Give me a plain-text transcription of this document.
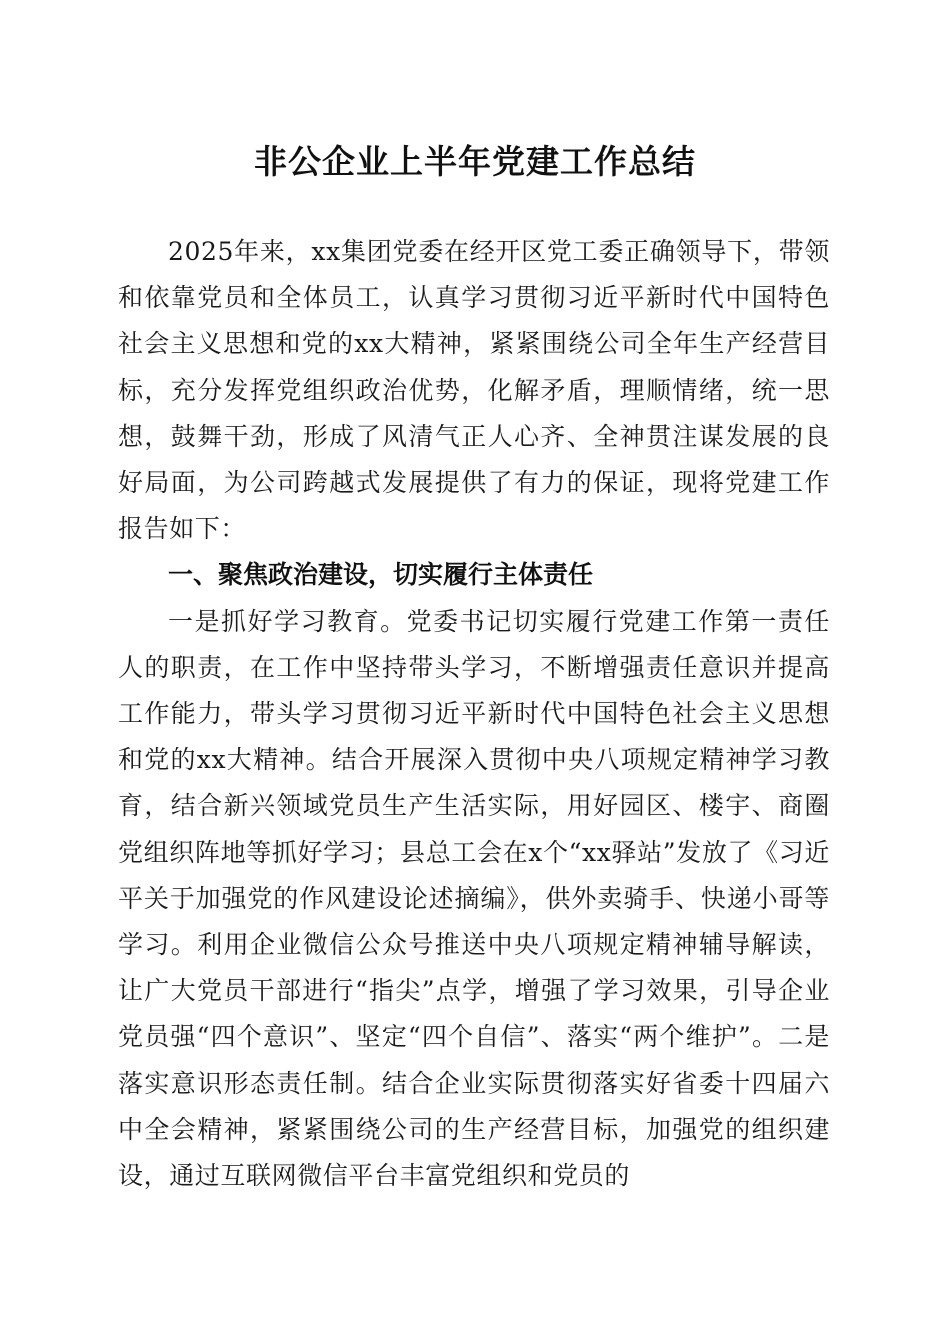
非公企业上半年党建工作总结

2025年来，xx集团党委在经开区党工委正确领导下，带领和依靠党员和全体员工，认真学习贯彻习近平新时代中国特色社会主义思想和党的xx大精神，紧紧围绕公司全年生产经营目标，充分发挥党组织政治优势，化解矛盾，理顺情绪，统一思想，鼓舞干劲，形成了风清气正人心齐、全神贯注谋发展的良好局面，为公司跨越式发展提供了有力的保证，现将党建工作报告如下：

一、聚焦政治建设，切实履行主体责任

一是抓好学习教育。党委书记切实履行党建工作第一责任人的职责，在工作中坚持带头学习，不断增强责任意识并提高工作能力，带头学习贯彻习近平新时代中国特色社会主义思想和党的xx大精神。结合开展深入贯彻中央八项规定精神学习教育，结合新兴领域党员生产生活实际，用好园区、楼宇、商圈党组织阵地等抓好学习；县总工会在x个“xx驿站”发放了《习近平关于加强党的作风建设论述摘编》，供外卖骑手、快递小哥等学习。利用企业微信公众号推送中央八项规定精神辅导解读，让广大党员干部进行“指尖”点学，增强了学习效果，引导企业党员强“四个意识”、坚定“四个自信”、落实“两个维护”。二是落实意识形态责任制。结合企业实际贯彻落实好省委十四届六中全会精神，紧紧围绕公司的生产经营目标，加强党的组织建设，通过互联网微信平台丰富党组织和党员的
